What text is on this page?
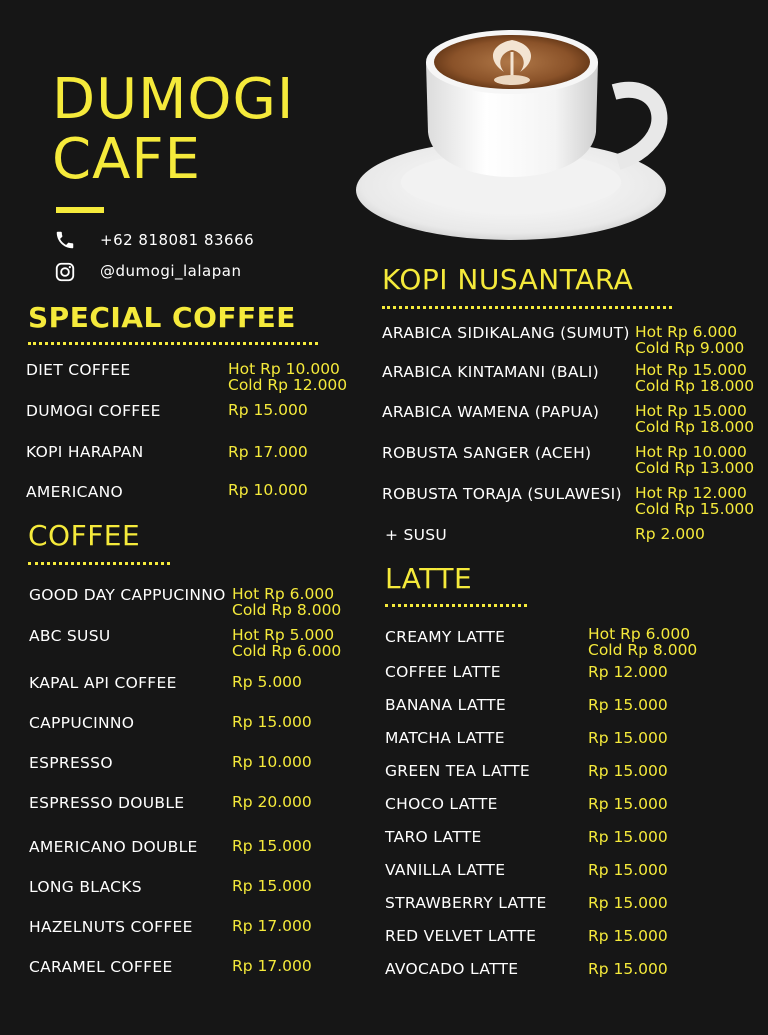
DUMOGI
CAFE
+62 818081 83666
@dumogi_lalapan
SPECIAL COFFEE
DIET COFFEE	Hot Rp 10.000
Cold Rp 12.000
DUMOGI COFFEE	Rp 15.000
KOPI HARAPAN	Rp 17.000
AMERICANO	Rp 10.000
COFFEE
GOOD DAY CAPPUCINNO Hot Rp 6.000
Cold Rp 8.000
ABC SUSU	Hot Rp 5.000
Cold Rp 6.000
KAPAL API COFFEE	Rp 5.000
CAPPUCINNO	Rp 15.000
ESPRESSO	Rp 10.000
ESPRESSO DOUBLE	Rp 20.000
AMERICANO DOUBLE Rp 15.000
LONG BLACKS	Rp 15.000
HAZELNUTS COFFEE	Rp 17.000
CARAMEL COFFEE	Rp 17.000
KOPI NUSANTARA
ARABICA SIDIKALANG (SUMUT) Hot Rp 6.000
Cold Rp 9.000
ARABICA KINTAMANI (BALI) Hot Rp 15.000
Cold Rp 18.000
ARABICA WAMENA (PAPUA) Hot Rp 15.000
Cold Rp 18.000
ROBUSTA SANGER (ACEH)	Hot Rp 10.000
Cold Rp 13.000
ROBUSTA TORAJA (SULAWESI) Hot Rp 12.000
Cold Rp 15.000
+ SUSU	Rp 2.000
LATTE
CREAMY LATTE	Hot Rp 6.000
Cold Rp 8.000
COFFEE LATTE	Rp 12.000
BANANA LATTE	Rp 15.000
MATCHA LATTE	Rp 15.000
GREEN TEA LATTE	Rp 15.000
CHOCO LATTE	Rp 15.000
TARO LATTE	Rp 15.000
VANILLA LATTE	Rp 15.000
STRAWBERRY LATTE	Rp 15.000
RED VELVET LATTE	Rp 15.000
AVOCADO LATTE	Rp 15.000
